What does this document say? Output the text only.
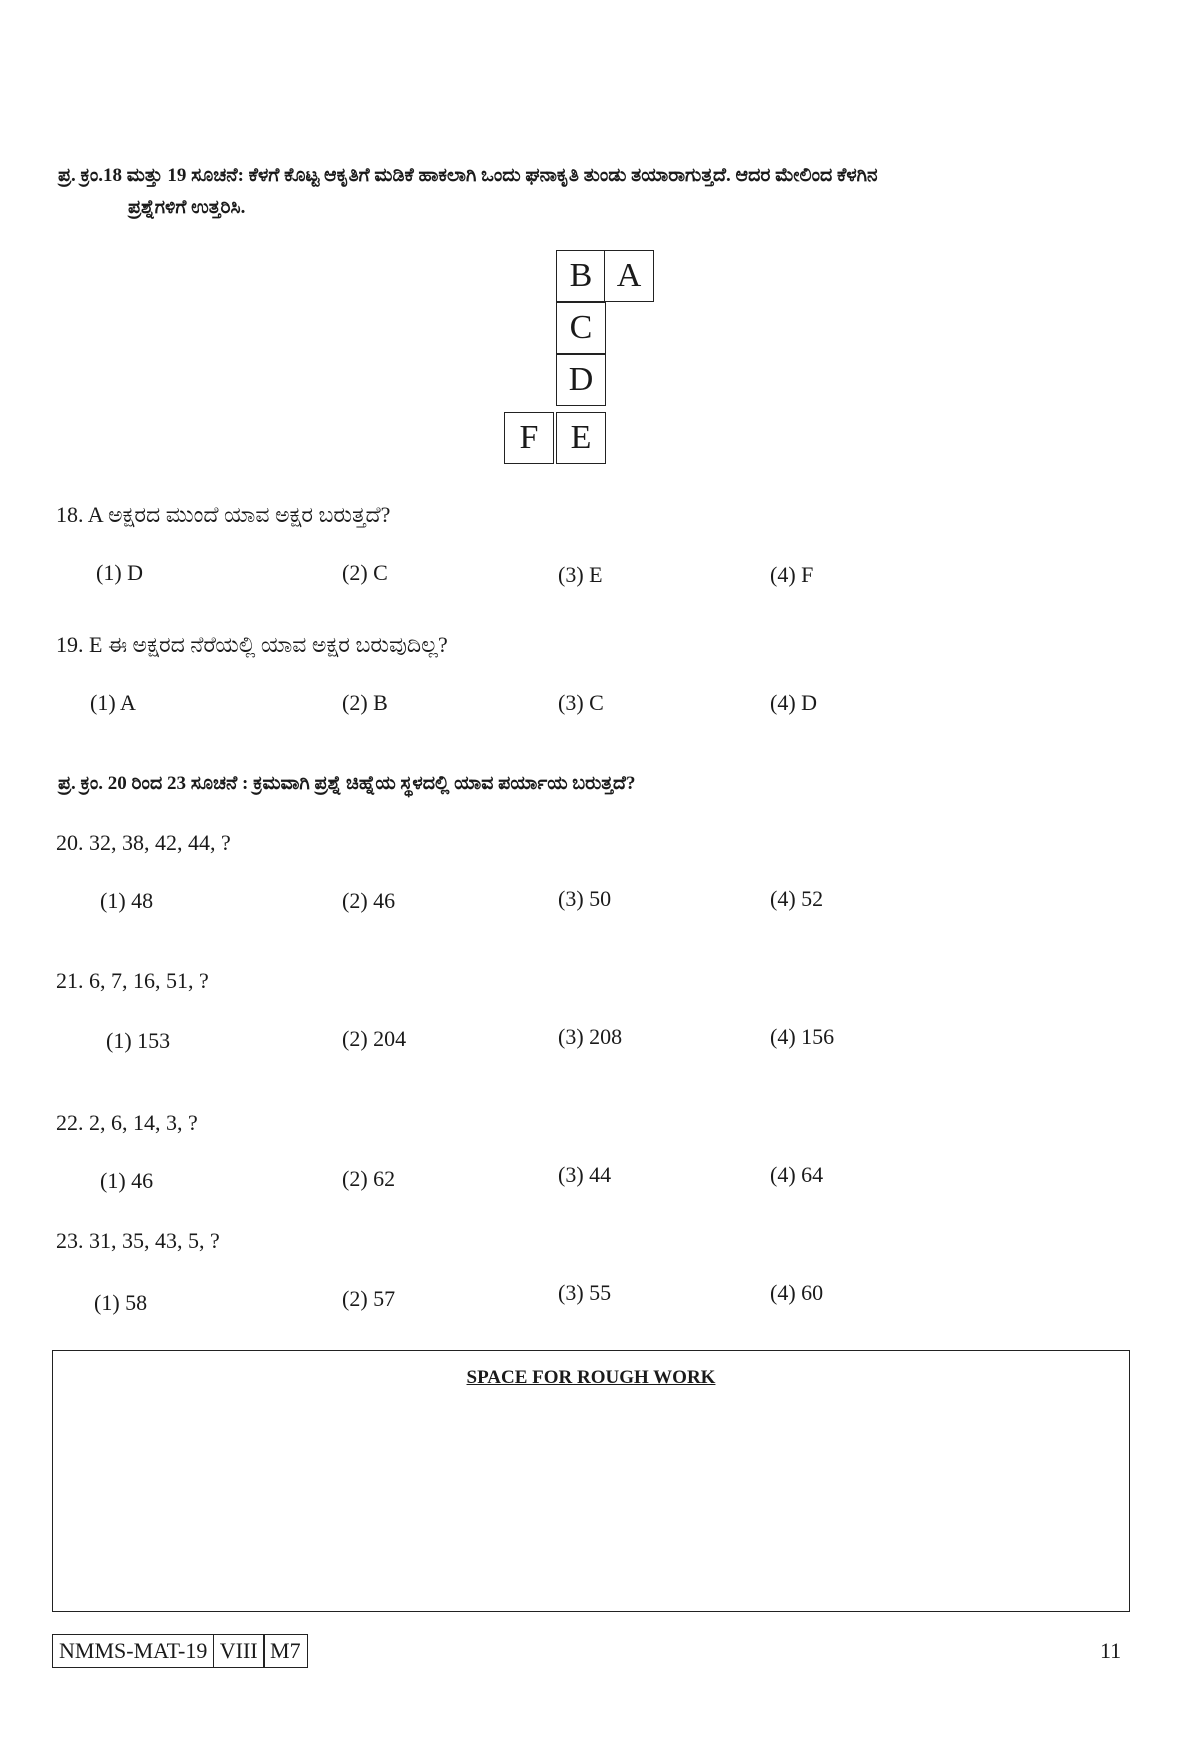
ಪ್ರ. ಕ್ರಂ.18 ಮತ್ತು 19 ಸೂಚನೆ: ಕೆಳಗೆ ಕೊಟ್ಟ ಆಕೃತಿಗೆ ಮಡಿಕೆ ಹಾಕಲಾಗಿ ಒಂದು ಘನಾಕೃತಿ ತುಂಡು ತಯಾರಾಗುತ್ತದೆ. ಆದರ ಮೇಲಿಂದ ಕೆಳಗಿನ
ಪ್ರಶ್ನೆಗಳಿಗೆ ಉತ್ತರಿಸಿ.
B A
C
D
F E
18. A ಅಕ್ಷರದ ಮುಂದೆ ಯಾವ ಅಕ್ಷರ ಬರುತ್ತದೆ?
(1) D	(2) C	(3) E	(4) F
19. E ಈ ಅಕ್ಷರದ ನೆರೆಯಲ್ಲಿ ಯಾವ ಅಕ್ಷರ ಬರುವುದಿಲ್ಲ?
(1) A	(2) B	(3) C	(4) D
ಪ್ರ. ಕ್ರಂ. 20 ರಿಂದ 23 ಸೂಚನೆ : ಕ್ರಮವಾಗಿ ಪ್ರಶ್ನೆ ಚಿಹ್ನೆಯ ಸ್ಥಳದಲ್ಲಿ ಯಾವ ಪರ್ಯಾಯ ಬರುತ್ತದೆ?
20. 32, 38, 42, 44, ?
(1) 48	(2) 46	(3) 50	(4) 52
21. 6, 7, 16, 51, ?
(1) 153	(2) 204	(3) 208	(4) 156
22. 2, 6, 14, 3, ?
(1) 46	(2) 62	(3) 44	(4) 64
23. 31, 35, 43, 5, ?
(1) 58	(2) 57	(3) 55	(4) 60
SPACE FOR ROUGH WORK
NMMS-MAT-19 VIII M7	11
